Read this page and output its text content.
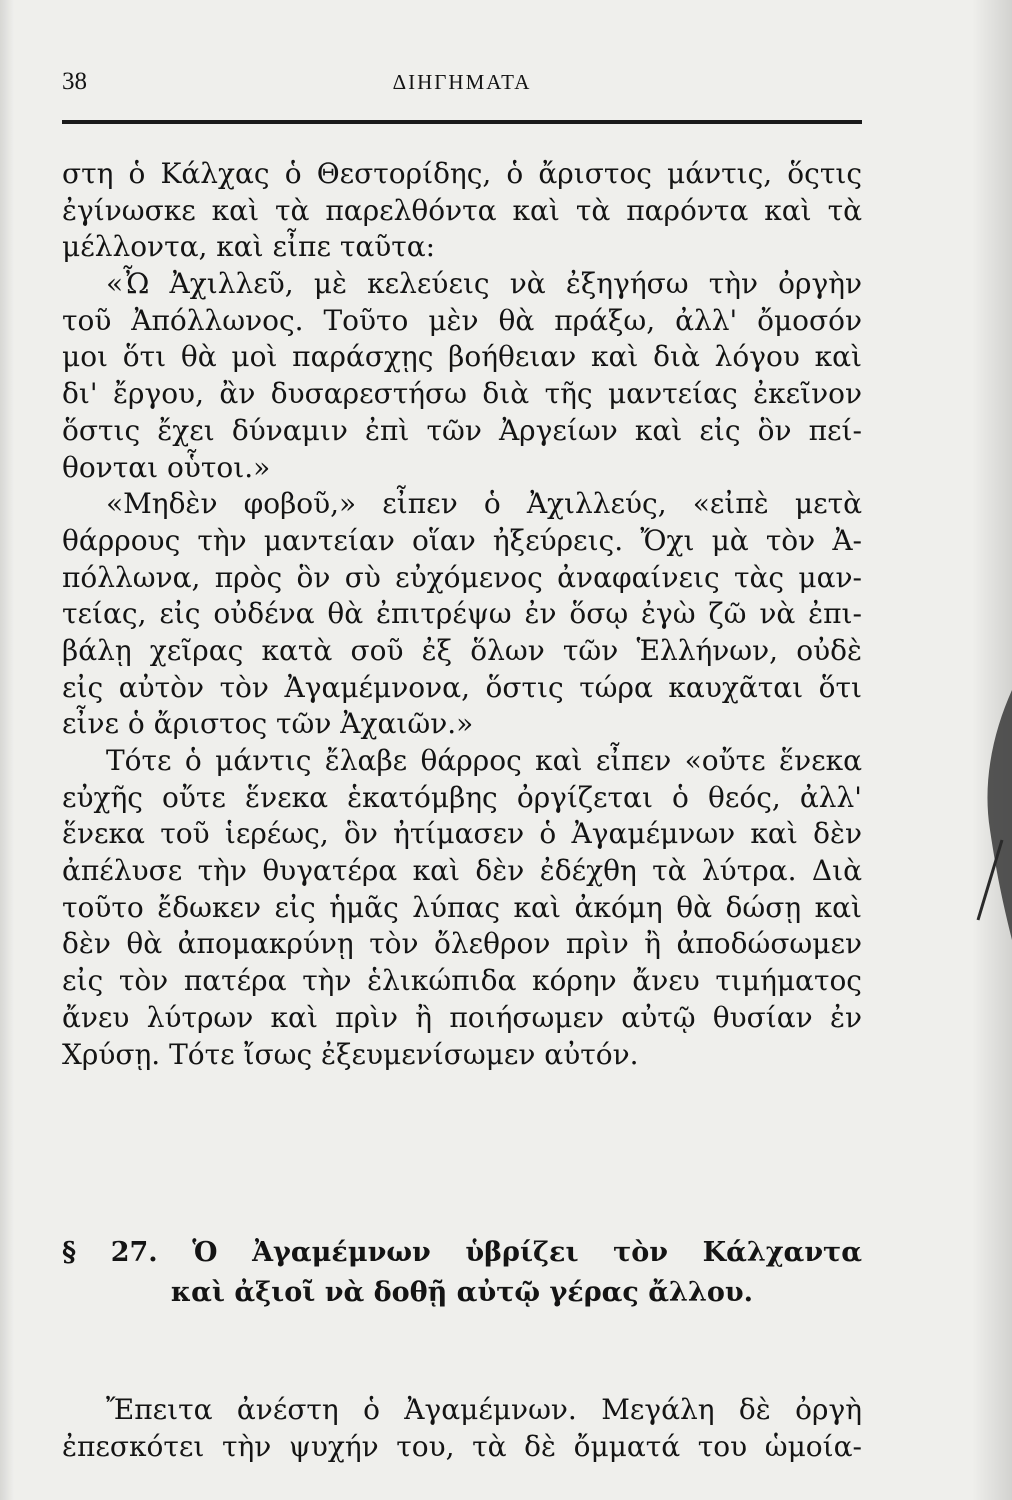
38	ΔΙΗΓΗΜΑΤΑ
στη ὁ Κάλχας ὁ Θεστορίδης, ὁ ἄριστος μάντις, ὅςτις
ἐγίνωσκε καὶ τὰ παρελθόντα καὶ τὰ παρόντα καὶ τὰ
μέλλοντα, καὶ εἶπε ταῦτα:
«Ὦ Ἀχιλλεῦ, μὲ κελεύεις νὰ ἐξηγήσω τὴν ὀργὴν
τοῦ Ἀπόλλωνος. Τοῦτο μὲν θὰ πράξω, ἀλλ' ὄμοσόν
μοι ὅτι θὰ μοὶ παράσχῃς βοήθειαν καὶ διὰ λόγου καὶ
δι' ἔργου, ἂν δυσαρεστήσω διὰ τῆς μαντείας ἐκεῖνον
ὅστις ἔχει δύναμιν ἐπὶ τῶν Ἀργείων καὶ εἰς ὃν πεί-
θονται οὗτοι.»
«Μηδὲν φοβοῦ,» εἶπεν ὁ Ἀχιλλεύς, «εἰπὲ μετὰ
θάρρους τὴν μαντείαν οἵαν ἠξεύρεις. Ὄχι μὰ τὸν Ἀ-
πόλλωνα, πρὸς ὃν σὺ εὐχόμενος ἀναφαίνεις τὰς μαν-
τείας, εἰς οὐδένα θὰ ἐπιτρέψω ἐν ὅσῳ ἐγὼ ζῶ νὰ ἐπι-
βάλῃ χεῖρας κατὰ σοῦ ἐξ ὅλων τῶν Ἑλλήνων, οὐδὲ
εἰς αὐτὸν τὸν Ἀγαμέμνονα, ὅστις τώρα καυχᾶται ὅτι
εἶνε ὁ ἄριστος τῶν Ἀχαιῶν.»
Τότε ὁ μάντις ἔλαβε θάρρος καὶ εἶπεν «οὔτε ἕνεκα
εὐχῆς οὔτε ἕνεκα ἑκατόμβης ὀργίζεται ὁ θεός, ἀλλ'
ἕνεκα τοῦ ἱερέως, ὃν ἠτίμασεν ὁ Ἀγαμέμνων καὶ δὲν
ἀπέλυσε τὴν θυγατέρα καὶ δὲν ἐδέχθη τὰ λύτρα. Διὰ
τοῦτο ἔδωκεν εἰς ἡμᾶς λύπας καὶ ἀκόμη θὰ δώσῃ καὶ
δὲν θὰ ἀπομακρύνῃ τὸν ὄλεθρον πρὶν ἢ ἀποδώσωμεν
εἰς τὸν πατέρα τὴν ἑλικώπιδα κόρην ἄνευ τιμήματος
ἄνευ λύτρων καὶ πρὶν ἢ ποιήσωμεν αὐτῷ θυσίαν ἐν
Χρύσῃ. Τότε ἴσως ἐξευμενίσωμεν αὐτόν.
§ 27. Ὁ Ἀγαμέμνων ὑβρίζει τὸν Κάλχαντα
καὶ ἀξιοῖ νὰ δοθῇ αὐτῷ γέρας ἄλλου.
Ἔπειτα ἀνέστη ὁ Ἀγαμέμνων. Μεγάλη δὲ ὀργὴ
ἐπεσκότει τὴν ψυχήν του, τὰ δὲ ὄμματά του ὡμοία-
